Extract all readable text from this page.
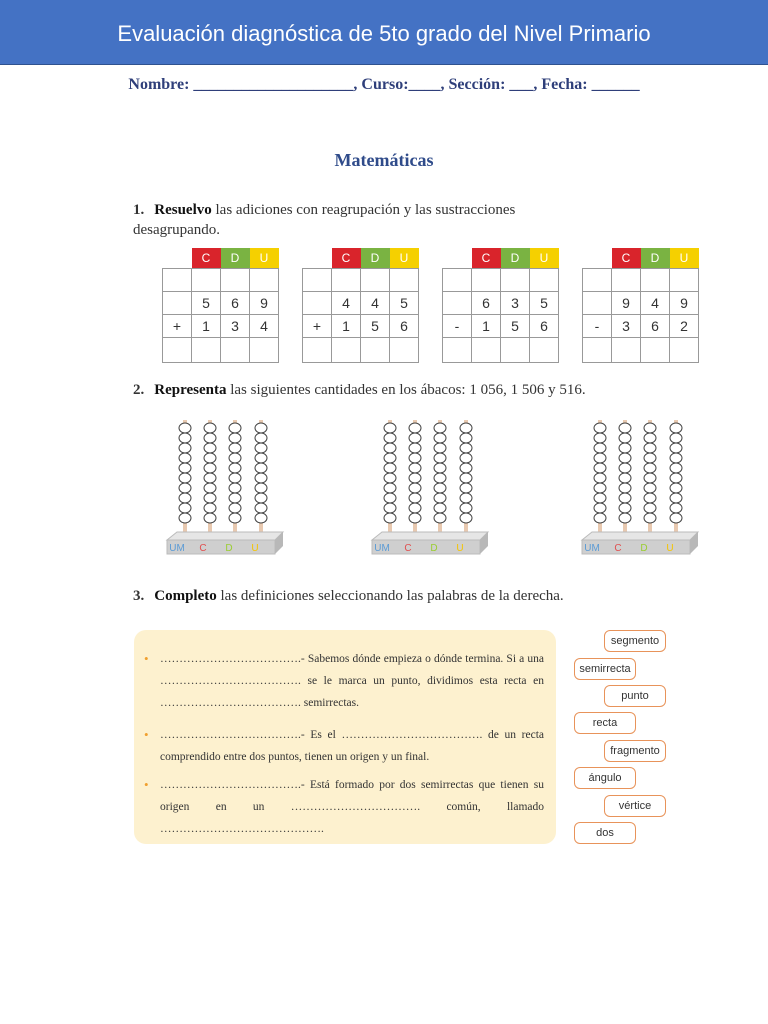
Evaluación diagnóstica de 5to grado del Nivel Primario
Nombre: ____________________, Curso:____, Sección: ___, Fecha: ______
Matemáticas
1. Resuelvo las adiciones con reagrupación y las sustracciones desagrupando.
	C	D	U

	5	6	9
+	1	3	4

	C	D	U

	4	4	5
+	1	5	6

	C	D	U

	6	3	5
-	1	5	6

	C	D	U

	9	4	9
-	3	6	2

2. Representa las siguientes cantidades en los ábacos: 1 056, 1 506 y 516.
UM C D U	UM C D U	UM C D U
3. Completo las definiciones seleccionando las palabras de la derecha.
• ……………………………….- Sabemos dónde empieza o dónde termina. Si a una ………………………………. se le marca un punto, dividimos esta recta en ………………………………. semirrectas.
• ……………………………….- Es el ………………………………. de un recta comprendido entre dos puntos, tienen un origen y un final.
• ……………………………….- Está formado por dos semirrectas que tienen su origen en un ……………………………. común, llamado …………………………………….
segmento
semirrecta
punto
recta
fragmento
ángulo
vértice
dos
